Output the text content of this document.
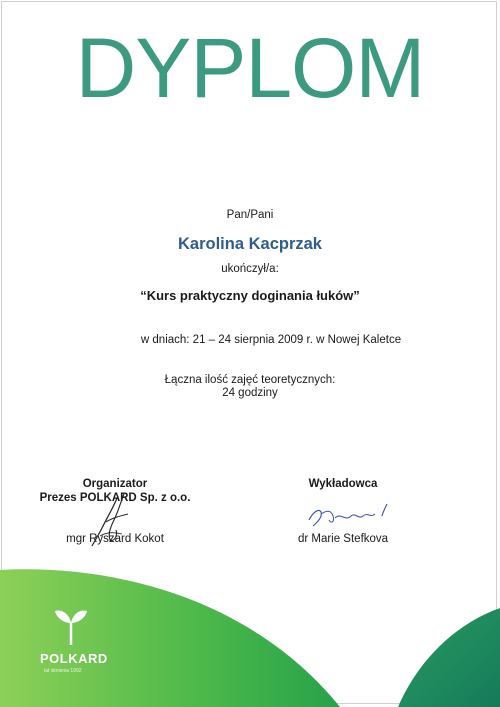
DYPLOM
Pan/Pani
Karolina Kacprzak
ukończył/a:
“Kurs praktyczny doginania łuków”
w dniach: 21 – 24 sierpnia 2009 r. w Nowej Kaletce
Łączna ilość zajęć teoretycznych:
24 godziny
Organizator
Prezes POLKARD Sp. z o.o.
mgr Ryszard Kokot
Wykładowca
dr Marie Stefkova
POLKARD
lat istnienia 1992
